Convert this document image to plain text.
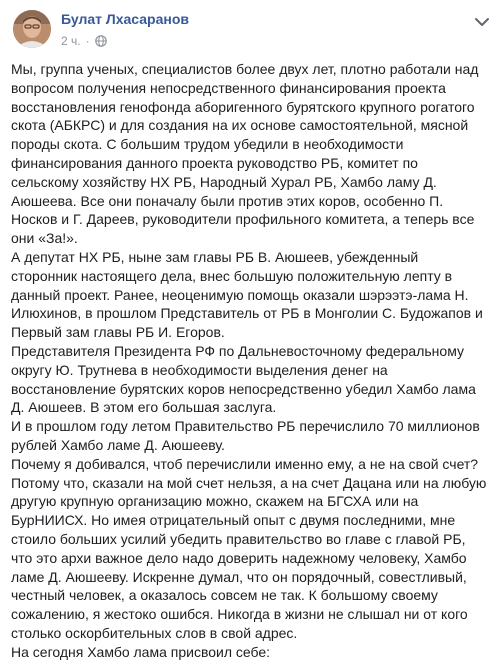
Булат Лхасаранов
2 ч. ·
Мы, группа ученых, специалистов более двух лет, плотно работали над
вопросом получения непосредственного финансирования проекта
восстановления генофонда аборигенного бурятского крупного рогатого
скота (АБКРС) и для создания на их основе самостоятельной, мясной
породы скота. С большим трудом убедили в необходимости
финансирования данного проекта руководство РБ, комитет по
сельскому хозяйству НХ РБ, Народный Хурал РБ, Хамбо ламу Д.
Аюшеева. Все они поначалу были против этих коров, особенно П.
Носков и Г. Дареев, руководители профильного комитета, а теперь все
они «За!».
А депутат НХ РБ, ныне зам главы РБ В. Аюшеев, убежденный
сторонник настоящего дела, внес большую положительную лепту в
данный проект. Ранее, неоценимую помощь оказали шэрээтэ-лама Н.
Илюхинов, в прошлом Представитель от РБ в Монголии С. Будожапов и
Первый зам главы РБ И. Егоров.
Представителя Президента РФ по Дальневосточному федеральному
округу Ю. Трутнева в необходимости выделения денег на
восстановление бурятских коров непосредственно убедил Хамбо лама
Д. Аюшеев. В этом его большая заслуга.
И в прошлом году летом Правительство РБ перечислило 70 миллионов
рублей Хамбо ламе Д. Аюшееву.
Почему я добивался, чтоб перечислили именно ему, а не на свой счет?
Потому что, сказали на мой счет нельзя, а на счет Дацана или на любую
другую крупную организацию можно, скажем на БГСХА или на
БурНИИСХ. Но имея отрицательный опыт с двумя последними, мне
стоило больших усилий убедить правительство во главе с главой РБ,
что это архи важное дело надо доверить надежному человеку, Хамбо
ламе Д. Аюшееву. Искренне думал, что он порядочный, совестливый,
честный человек, а оказалось совсем не так. К большому своему
сожалению, я жестоко ошибся. Никогда в жизни не слышал ни от кого
столько оскорбительных слов в свой адрес.
На сегодня Хамбо лама присвоил себе:
